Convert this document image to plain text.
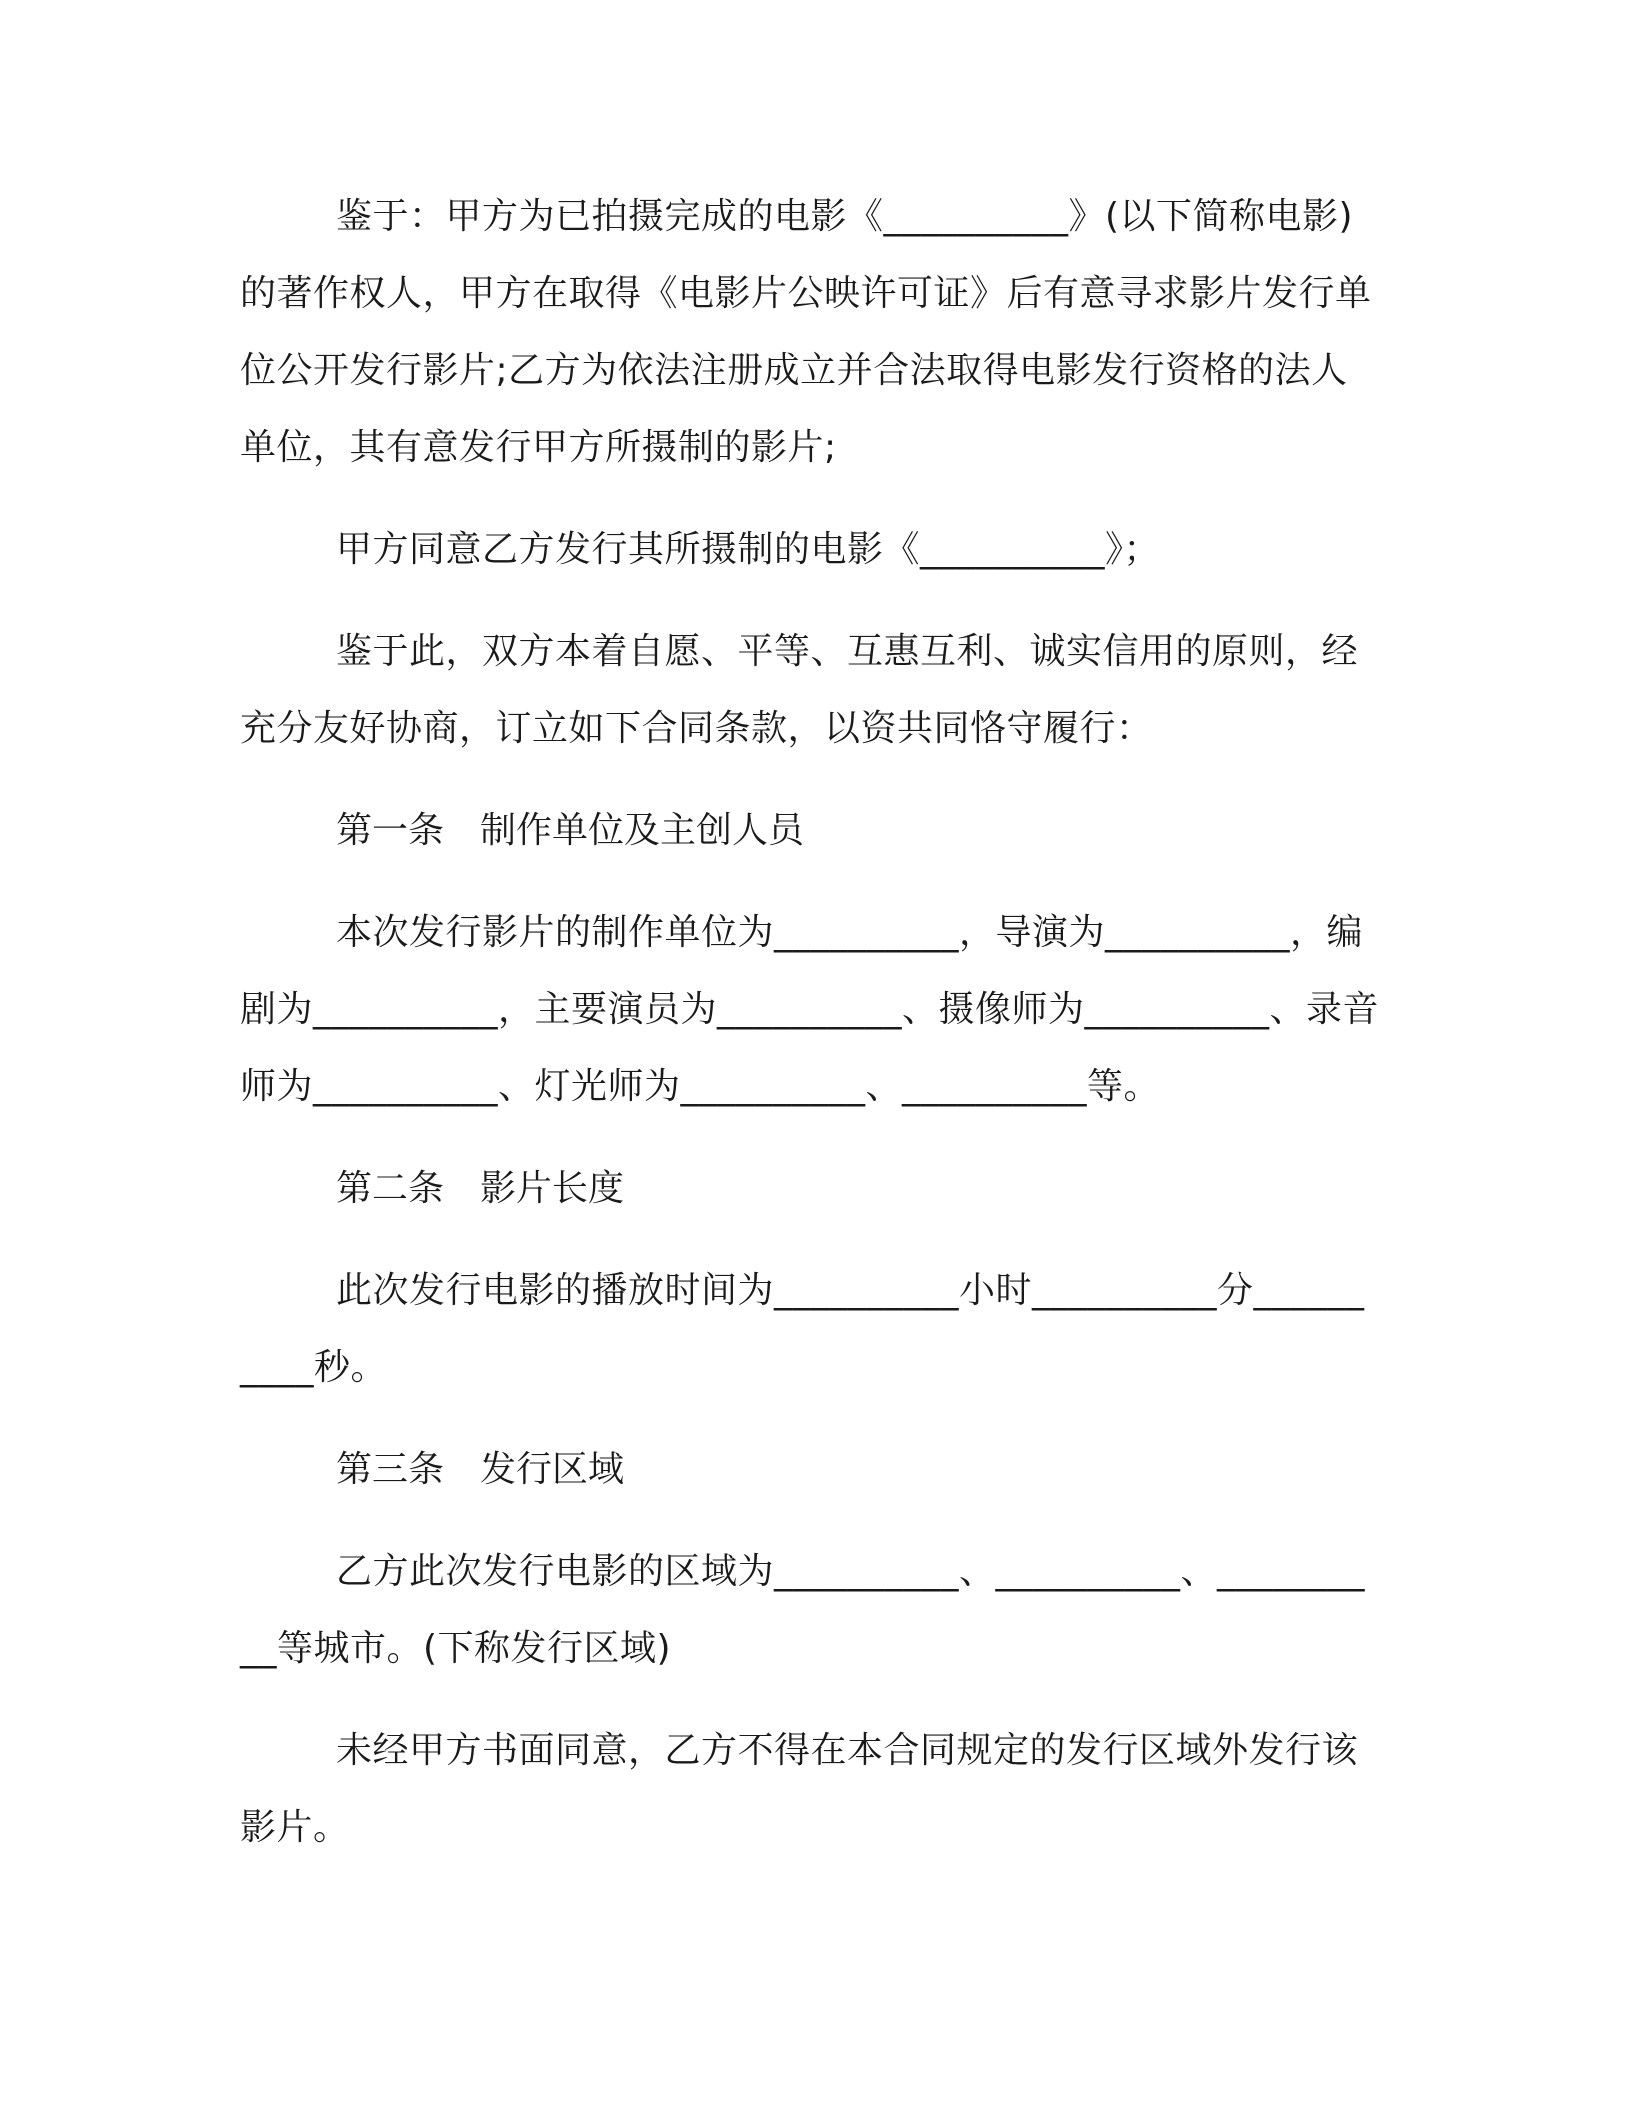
鉴于：甲方为已拍摄完成的电影《__________》(以下简称电影)的著作权人，甲方在取得《电影片公映许可证》后有意寻求影片发行单位公开发行影片;乙方为依法注册成立并合法取得电影发行资格的法人单位，其有意发行甲方所摄制的影片;

甲方同意乙方发行其所摄制的电影《__________》；

鉴于此，双方本着自愿、平等、互惠互利、诚实信用的原则，经充分友好协商，订立如下合同条款，以资共同恪守履行：

第一条　制作单位及主创人员

本次发行影片的制作单位为__________，导演为__________，编剧为__________，主要演员为__________、摄像师为__________、录音师为__________、灯光师为__________、__________等。

第二条　影片长度

此次发行电影的播放时间为__________小时__________分__________秒。

第三条　发行区域

乙方此次发行电影的区域为__________、__________、__________等城市。(下称发行区域)

未经甲方书面同意，乙方不得在本合同规定的发行区域外发行该影片。
